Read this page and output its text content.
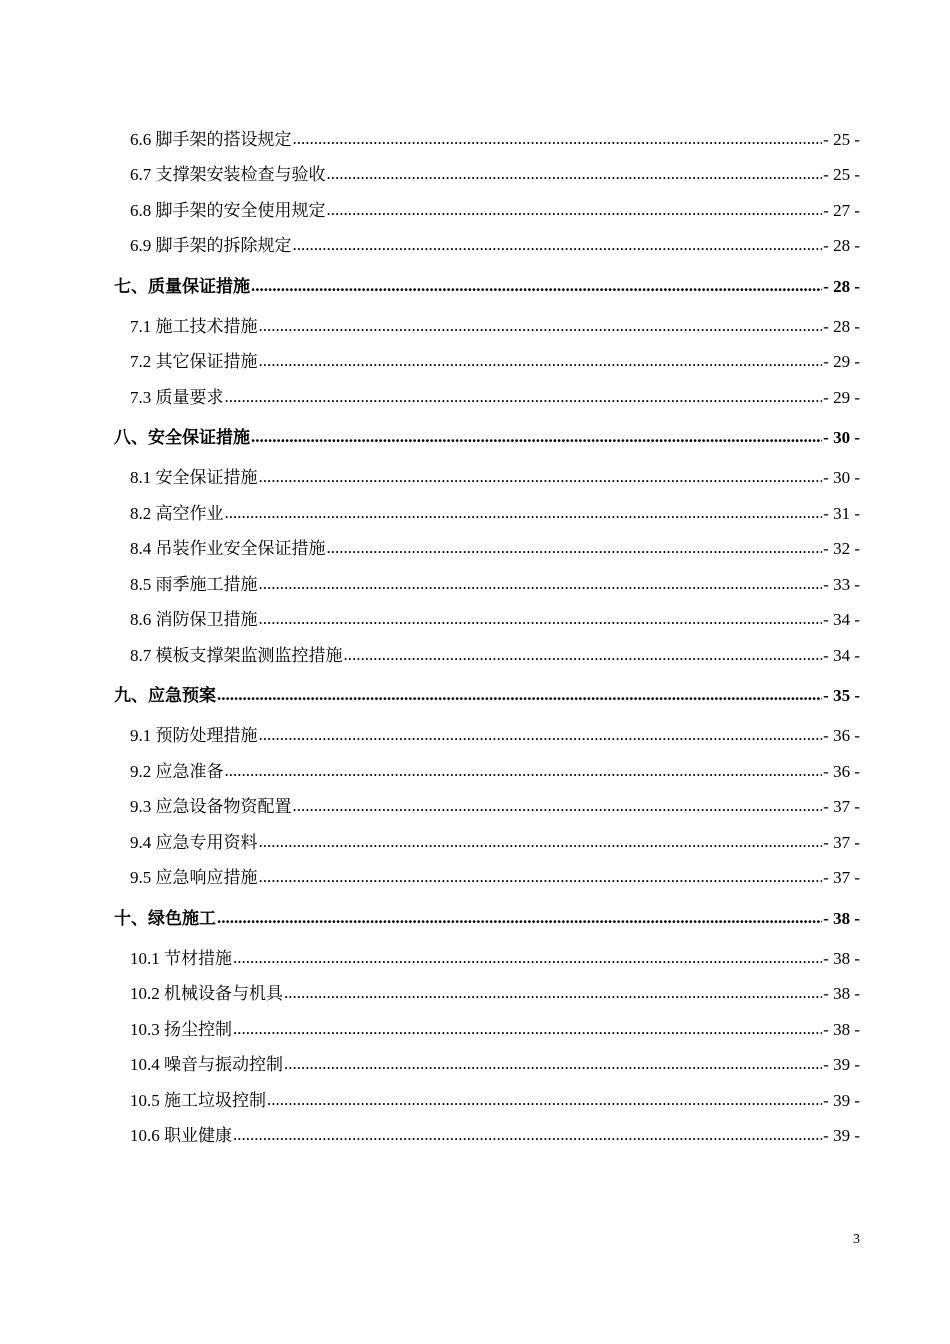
6.6 脚手架的搭设规定 .....	- 25 -
6.7 支撑架安装检查与验收 .....	- 25 -
6.8 脚手架的安全使用规定 .....	- 27 -
6.9 脚手架的拆除规定 .....	- 28 -
七、质量保证措施 .....	- 28 -
7.1 施工技术措施 .....	- 28 -
7.2 其它保证措施 .....	- 29 -
7.3 质量要求 .....	- 29 -
八、安全保证措施 .....	- 30 -
8.1 安全保证措施 .....	- 30 -
8.2 高空作业 .....	- 31 -
8.4 吊装作业安全保证措施 .....	- 32 -
8.5 雨季施工措施 .....	- 33 -
8.6 消防保卫措施 .....	- 34 -
8.7 模板支撑架监测监控措施 .....	- 34 -
九、应急预案 .....	- 35 -
9.1 预防处理措施 .....	- 36 -
9.2 应急准备 .....	- 36 -
9.3 应急设备物资配置 .....	- 37 -
9.4 应急专用资料 .....	- 37 -
9.5 应急响应措施 .....	- 37 -
十、绿色施工 .....	- 38 -
10.1 节材措施 .....	- 38 -
10.2 机械设备与机具 .....	- 38 -
10.3 扬尘控制 .....	- 38 -
10.4 噪音与振动控制 .....	- 39 -
10.5 施工垃圾控制 .....	- 39 -
10.6 职业健康 .....	- 39 -
3
